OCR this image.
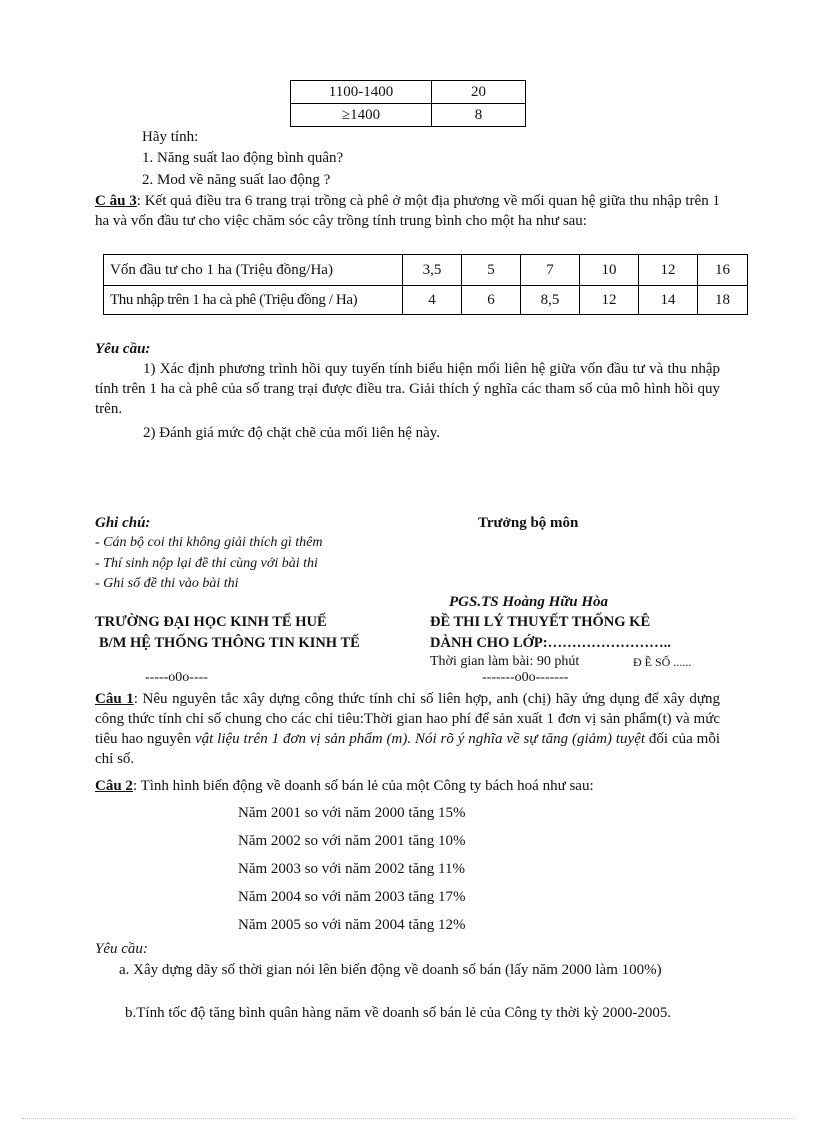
1100-1400	20
≥1400	8
Hãy tính:
1. Năng suất lao động bình quân?
2. Mod về năng suất lao động ?
C âu 3: Kết quả điều tra 6 trang trại trồng cà phê ở một địa phương về mối quan hệ giữa thu nhập trên 1 ha và vốn đầu tư cho việc chăm sóc cây trồng tính trung bình cho một ha như sau:
Vốn đầu tư cho 1 ha (Triệu đồng/Ha)	3,5	5	7	10	12	16
Thu nhập trên 1 ha cà phê (Triệu đồng / Ha)	4	6	8,5	12	14	18
Yêu cầu:
1) Xác định phương trình hồi quy tuyến tính biểu hiện mối liên hệ giữa vốn đầu tư và thu nhập tính trên 1 ha cà phê của số trang trại được điều tra. Giải thích ý nghĩa các tham số của mô hình hồi quy trên.
2) Đánh giá mức độ chặt chẽ của mối liên hệ này.
Ghi chú:
- Cán bộ coi thi không giải thích gì thêm
- Thí sinh nộp lại đề thi cùng với bài thi
- Ghi số đề thi vào bài thi
Trưởng bộ môn
PGS.TS Hoàng Hữu Hòa
TRƯỜNG ĐẠI HỌC KINH TẾ HUẾ
B/M HỆ THỐNG THÔNG TIN KINH TẾ
ĐỀ THI LÝ THUYẾT THỐNG KÊ
DÀNH CHO LỚP:……………………..
Thời gian làm bài: 90 phút	Đ Ề SỐ ......
-----o0o----	-------o0o-------
Câu 1: Nêu nguyên tắc xây dựng công thức tính chỉ số liên hợp, anh (chị) hãy ứng dụng để xây dựng công thức tính chỉ số chung cho các chỉ tiêu:Thời gian hao phí để sản xuất 1 đơn vị sản phẩm(t) và mức tiêu hao nguyên vật liệu trên 1 đơn vị sản phẩm (m). Nói rõ ý nghĩa về sự tăng (giảm) tuyệt đối của mỗi chỉ số.
Câu 2: Tình hình biến động về doanh số bán lẻ của một Công ty bách hoá như sau:
Năm 2001 so với năm 2000 tăng 15%
Năm 2002 so với năm 2001 tăng 10%
Năm 2003 so với năm 2002 tăng 11%
Năm 2004 so với năm 2003 tăng 17%
Năm 2005 so với năm 2004 tăng 12%
Yêu cầu:
a. Xây dựng dãy số thời gian nói lên biến động về doanh số bán (lấy năm 2000 làm 100%)
b.Tính tốc độ tăng bình quân hàng năm về doanh số bán lẻ của Công ty thời kỳ 2000-2005.
